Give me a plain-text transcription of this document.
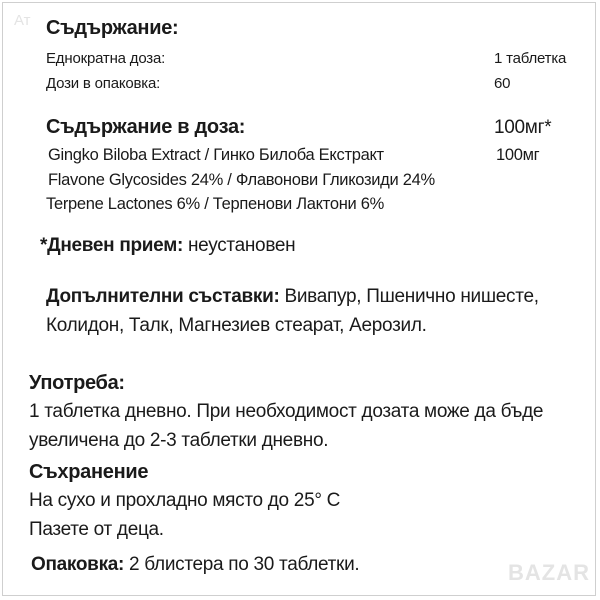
Ат
BAZAR
Съдържание:
Еднократна доза:	1 таблетка
Дози в опаковка:	60
Съдържание в доза:	100мг*
Gingko Biloba Extract / Гинко Билоба Екстракт	100мг
Flavone Glycosides 24% / Флавонови Гликозиди 24%
Terpene Lactones 6% / Терпенови Лактони 6%
*Дневен прием: неустановен
Допълнителни съставки: Вивапур, Пшенично нишесте,
Колидон, Талк, Магнезиев стеарат, Аерозил.
Употреба:
1 таблетка дневно. При необходимост дозата може да бъде
увеличена до 2-3 таблетки дневно.
Съхранение
На сухо и прохладно място до 25° С
Пазете от деца.
Опаковка: 2 блистера по 30 таблетки.
